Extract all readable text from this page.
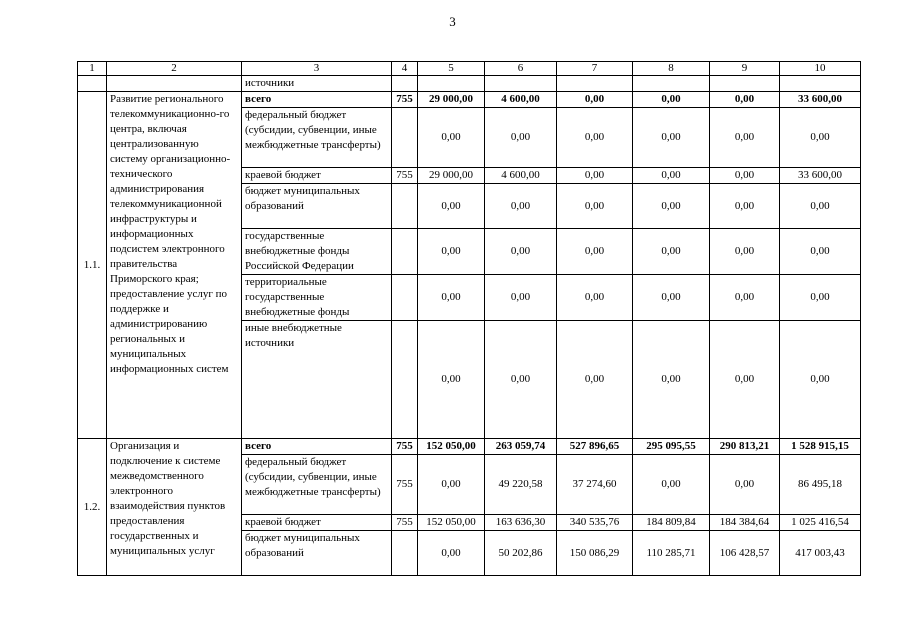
3
1	2	3	4	5	6	7	8	9	10
		источники							
1.1.	Развитие регионального телекоммуникационно-го центра, включая централизованную систему организационно-технического администрирования телекоммуникационной инфраструктуры и информационных подсистем электронного правительства Приморского края; предоставление услуг по поддержке и администрированию региональных и муниципальных информационных систем	всего	755	29 000,00	4 600,00	0,00	0,00	0,00	33 600,00
		федеральный бюджет (субсидии, субвенции, иные межбюджетные трансферты)		0,00	0,00	0,00	0,00	0,00	0,00
		краевой бюджет	755	29 000,00	4 600,00	0,00	0,00	0,00	33 600,00
		бюджет муниципальных образований		0,00	0,00	0,00	0,00	0,00	0,00
		государственные внебюджетные фонды Российской Федерации		0,00	0,00	0,00	0,00	0,00	0,00
		территориальные государственные внебюджетные фонды		0,00	0,00	0,00	0,00	0,00	0,00
		иные внебюджетные источники		0,00	0,00	0,00	0,00	0,00	0,00
1.2.	Организация и подключение к системе межведомственного электронного взаимодействия пунктов предоставления государственных и муниципальных услуг	всего	755	152 050,00	263 059,74	527 896,65	295 095,55	290 813,21	1 528 915,15
		федеральный бюджет (субсидии, субвенции, иные межбюджетные трансферты)	755	0,00	49 220,58	37 274,60	0,00	0,00	86 495,18
		краевой бюджет	755	152 050,00	163 636,30	340 535,76	184 809,84	184 384,64	1 025 416,54
		бюджет муниципальных образований		0,00	50 202,86	150 086,29	110 285,71	106 428,57	417 003,43
